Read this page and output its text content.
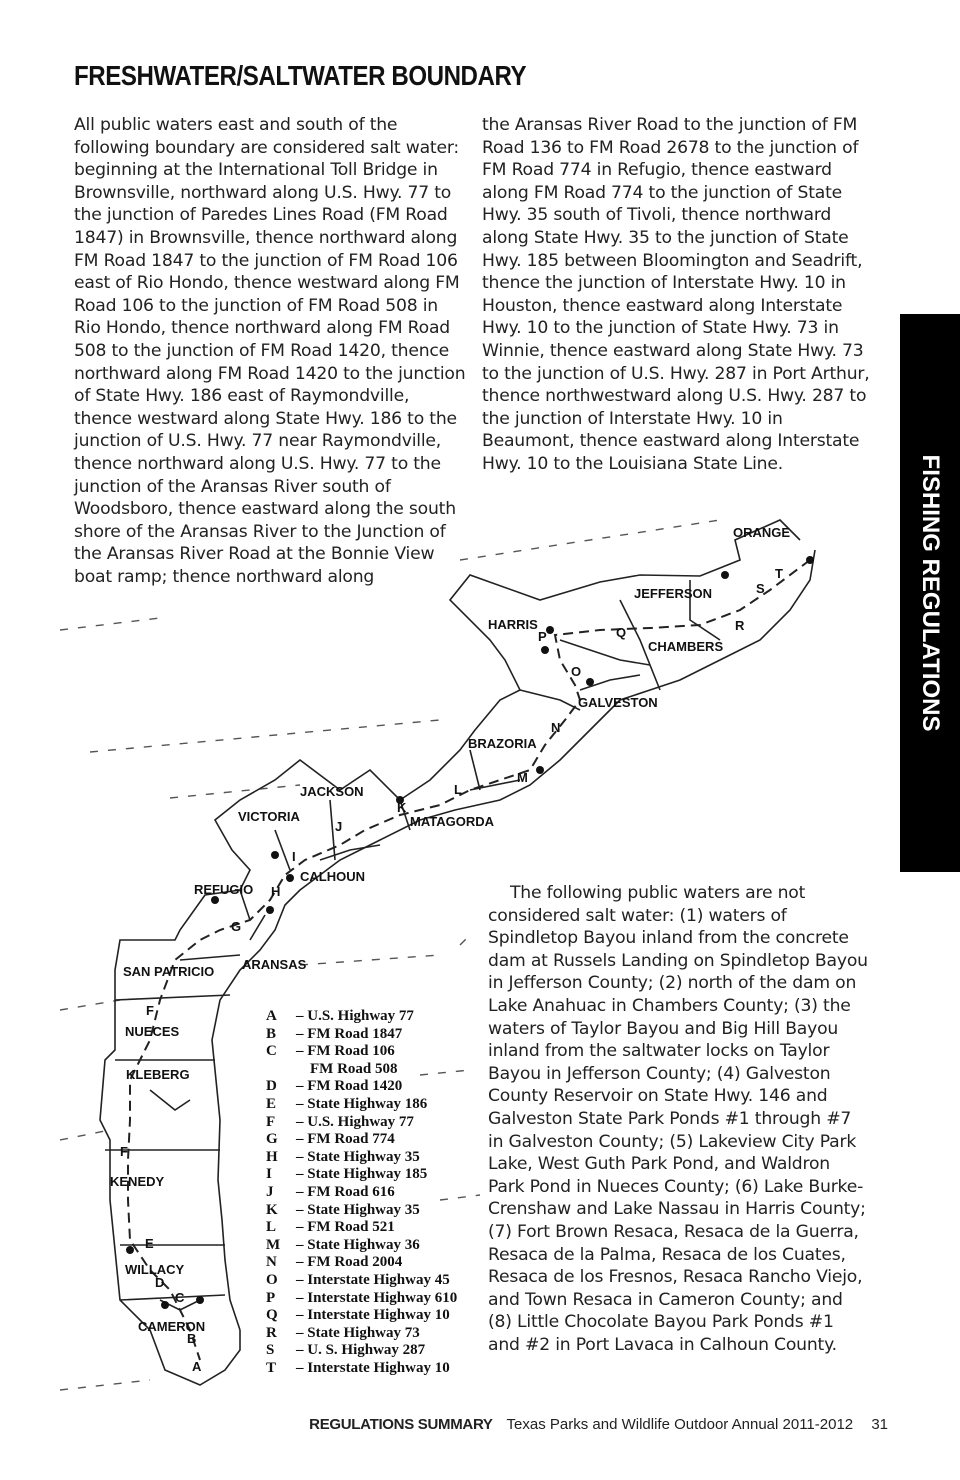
FRESHWATER/SALTWATER BOUNDARY
All public waters east and south of the following boundary are considered salt water: beginning at the International Toll Bridge in Brownsville, northward along U.S. Hwy. 77 to the junction of Paredes Lines Road (FM Road 1847) in Brownsville, thence northward along FM Road 1847 to the junction of FM Road 106 east of Rio Hondo, thence westward along FM Road 106 to the junction of FM Road 508 in Rio Hondo, thence northward along FM Road 508 to the junction of FM Road 1420, thence northward along FM Road 1420 to the junction of State Hwy. 186 east of Raymondville, thence westward along State Hwy. 186 to the junction of U.S. Hwy. 77 near Raymondville, thence northward along U.S. Hwy. 77 to the junction of the Aransas River south of Woodsboro, thence eastward along the south shore of the Aransas River to the Junction of the Aransas River Road at the Bonnie View boat ramp; thence northward along
the Aransas River Road to the junction of FM Road 136 to FM Road 2678 to the junction of FM Road 774 in Refugio, thence eastward along FM Road 774 to the junction of State Hwy. 35 south of Tivoli, thence northward along State Hwy. 35 to the junction of State Hwy. 185 between Bloomington and Seadrift, thence the junction of Interstate Hwy. 10 in Houston, thence eastward along Interstate Hwy. 10 to the junction of State Hwy. 73 in Winnie, thence eastward along State Hwy. 73 to the junction of U.S. Hwy. 287 in Port Arthur, thence northwestward along U.S. Hwy. 287 to the junction of Interstate Hwy. 10 in Beaumont, thence eastward along Interstate Hwy. 10 to the Louisiana State Line.	FISHING REGULATIONS
ORANGE
JEFFERSON
HARRIS
CHAMBERS
GALVESTON
BRAZORIA
JACKSON
VICTORIA	MATAGORDA
CALHOUN
REFUGIO
ARANSAS
SAN PATRICIO
NUECES
KLEBERG
KENEDY
WILLACY
CAMERON
T
S
R
Q
P
O
N
M
L
K
J
I
H
G
F
F
E
D
C
B
A
A	– U.S. Highway 77
B	– FM Road 1847
C	– FM Road 106
FM Road 508
D	– FM Road 1420
E	– State Highway 186
F	– U.S. Highway 77
G	– FM Road 774
H	– State Highway 35
I	– State Highway 185
J	– FM Road 616
K	– State Highway 35
L	– FM Road 521
M	– State Highway 36
N	– FM Road 2004
O	– Interstate Highway 45
P	– Interstate Highway 610
Q	– Interstate Highway 10
R	– State Highway 73
S	– U. S. Highway 287
T	– Interstate Highway 10

The following public waters are not considered salt water: (1) waters of Spindletop Bayou inland from the concrete dam at Russels Landing on Spindletop Bayou in Jefferson County; (2) north of the dam on Lake Anahuac in Chambers County; (3) the waters of Taylor Bayou and Big Hill Bayou inland from the saltwater locks on Taylor Bayou in Jefferson County; (4) Galveston County Reservoir on State Hwy. 146 and Galveston State Park Ponds #1 through #7 in Galveston County; (5) Lakeview City Park Lake, West Guth Park Pond, and Waldron Park Pond in Nueces County; (6) Lake Burke-Crenshaw and Lake Nassau in Harris County; (7) Fort Brown Resaca, Resaca de la Guerra, Resaca de la Palma, Resaca de los Cuates, Resaca de los Fresnos, Resaca Rancho Viejo, and Town Resaca in Cameron County; and (8) Little Chocolate Bayou Park Ponds #1 and #2 in Port Lavaca in Calhoun County.

REGULATIONS SUMMARY Texas Parks and Wildlife Outdoor Annual 2011-2012 31
